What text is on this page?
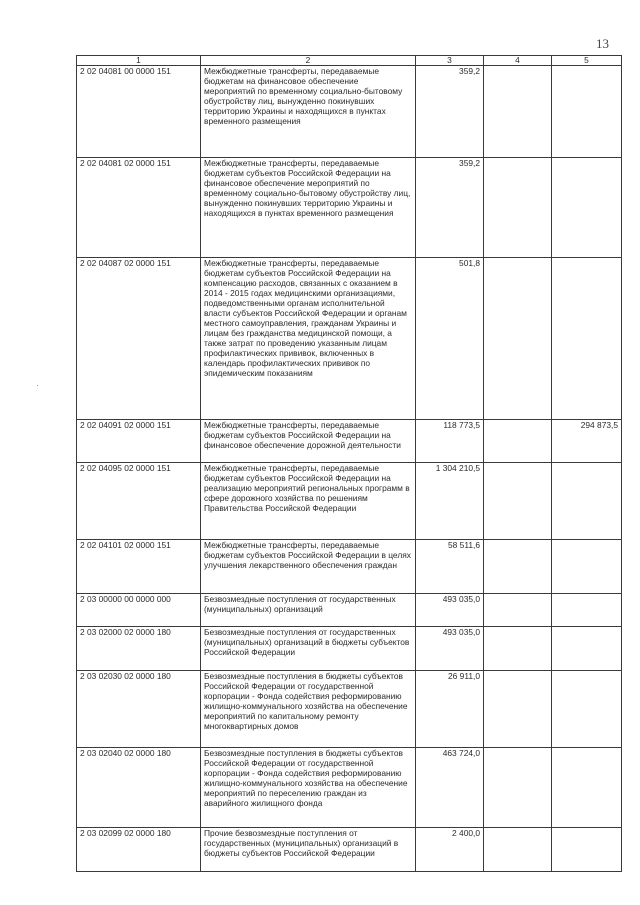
13
·
1	2	3	4	5
2 02 04081 00 0000 151	Межбюджетные трансферты, передаваемые бюджетам на финансовое обеспечение мероприятий по временному социально-бытовому обустройству лиц, вынужденно покинувших территорию Украины и находящихся в пунктах временного размещения	359,2		
2 02 04081 02 0000 151	Межбюджетные трансферты, передаваемые бюджетам субъектов Российской Федерации на финансовое обеспечение мероприятий по временному социально-бытовому обустройству лиц, вынужденно покинувших территорию Украины и находящихся в пунктах временного размещения	359,2		
2 02 04087 02 0000 151	Межбюджетные трансферты, передаваемые бюджетам субъектов Российской Федерации на компенсацию расходов, связанных с оказанием в 2014 - 2015 годах медицинскими организациями, подведомственными органам исполнительной власти субъектов Российской Федерации и органам местного самоуправления, гражданам Украины и лицам без гражданства медицинской помощи, а также затрат по проведению указанным лицам профилактических прививок, включенных в календарь профилактических прививок по эпидемическим показаниям	501,8		
2 02 04091 02 0000 151	Межбюджетные трансферты, передаваемые бюджетам субъектов Российской Федерации на финансовое обеспечение дорожной деятельности	118 773,5		294 873,5
2 02 04095 02 0000 151	Межбюджетные трансферты, передаваемые бюджетам субъектов Российской Федерации на реализацию мероприятий региональных программ в сфере дорожного хозяйства по решениям Правительства Российской Федерации	1 304 210,5		
2 02 04101 02 0000 151	Межбюджетные трансферты, передаваемые бюджетам субъектов Российской Федерации в целях улучшения лекарственного обеспечения граждан	58 511,6		
2 03 00000 00 0000 000	Безвозмездные поступления от государственных (муниципальных) организаций	493 035,0		
2 03 02000 02 0000 180	Безвозмездные поступления от государственных (муниципальных) организаций в бюджеты субъектов Российской Федерации	493 035,0		
2 03 02030 02 0000 180	Безвозмездные поступления в бюджеты субъектов Российской Федерации от государственной корпорации - Фонда содействия реформированию жилищно-коммунального хозяйства на обеспечение мероприятий по капитальному ремонту многоквартирных домов	26 911,0		
2 03 02040 02 0000 180	Безвозмездные поступления в бюджеты субъектов Российской Федерации от государственной корпорации - Фонда содействия реформированию жилищно-коммунального хозяйства на обеспечение мероприятий по переселению граждан из аварийного жилищного фонда	463 724,0		
2 03 02099 02 0000 180	Прочие безвозмездные поступления от государственных (муниципальных) организаций в бюджеты субъектов Российской Федерации	2 400,0		
